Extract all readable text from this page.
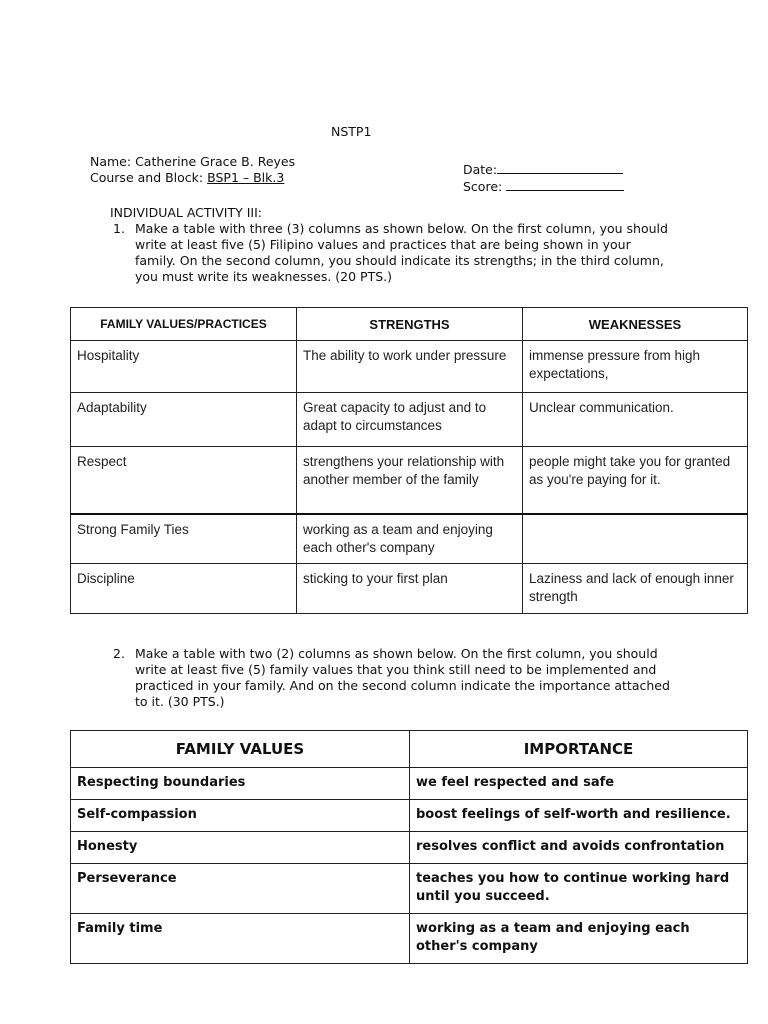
NSTP1
Name: Catherine Grace B. Reyes
Course and Block: BSP1 – Blk.3
Date:
Score:
INDIVIDUAL ACTIVITY III:
1. Make a table with three (3) columns as shown below. On the first column, you should write at least five (5) Filipino values and practices that are being shown in your family. On the second column, you should indicate its strengths; in the third column, you must write its weaknesses. (20 PTS.)
FAMILY VALUES/PRACTICES	STRENGTHS	WEAKNESSES
Hospitality	The ability to work under pressure	immense pressure from high expectations,
Adaptability	Great capacity to adjust and to adapt to circumstances	Unclear communication.
Respect	strengthens your relationship with another member of the family	people might take you for granted as you're paying for it.
Strong Family Ties	working as a team and enjoying each other's company	
Discipline	sticking to your first plan	Laziness and lack of enough inner strength
2. Make a table with two (2) columns as shown below. On the first column, you should write at least five (5) family values that you think still need to be implemented and practiced in your family. And on the second column indicate the importance attached to it. (30 PTS.)
FAMILY VALUES	IMPORTANCE
Respecting boundaries	we feel respected and safe
Self-compassion	boost feelings of self-worth and resilience.
Honesty	resolves conflict and avoids confrontation
Perseverance	teaches you how to continue working hard until you succeed.
Family time	working as a team and enjoying each other's company
